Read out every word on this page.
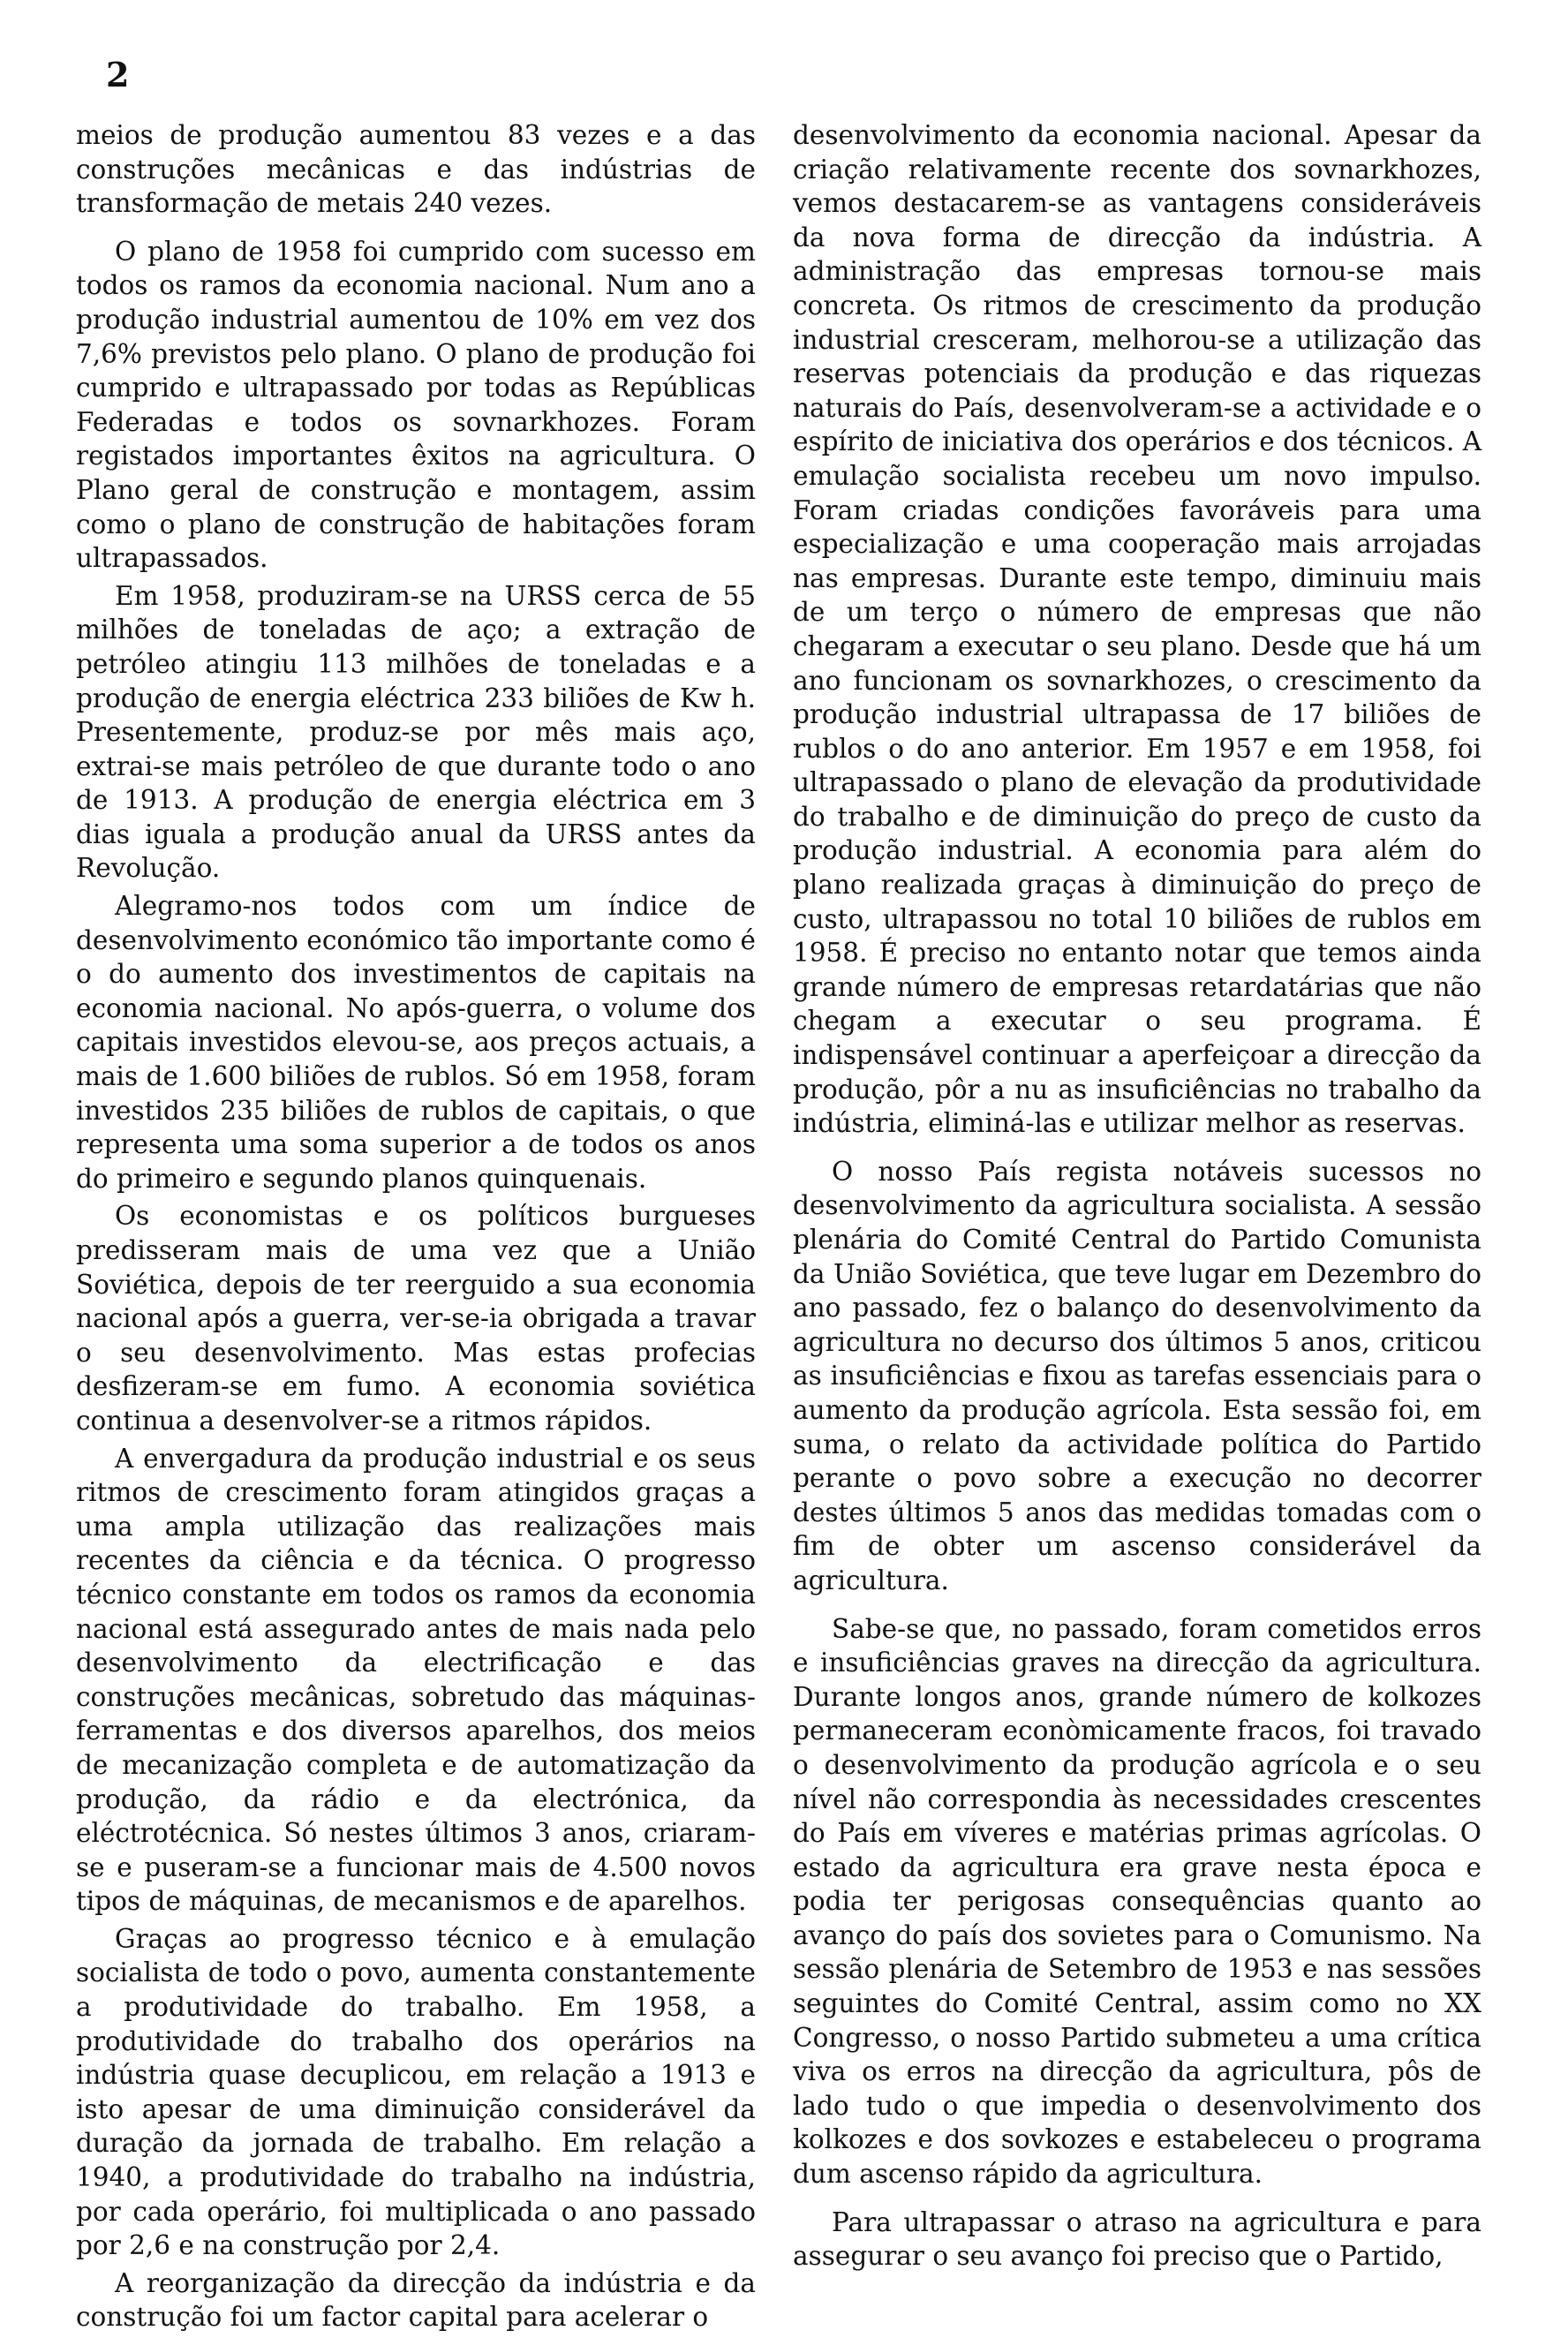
2

meios de produção aumentou 83 vezes e a das construções mecânicas e das indústrias de transformação de metais 240 vezes.

O plano de 1958 foi cumprido com sucesso em todos os ramos da economia nacional. Num ano a produção industrial aumentou de 10% em vez dos 7,6% previstos pelo plano. O plano de produção foi cumprido e ultrapassado por todas as Repúblicas Federadas e todos os sovnarkhozes. Foram registados importantes êxitos na agricultura. O Plano geral de construção e montagem, assim como o plano de construção de habitações foram ultrapassados.

Em 1958, produziram-se na URSS cerca de 55 milhões de toneladas de aço; a extração de petróleo atingiu 113 milhões de toneladas e a produção de energia eléctrica 233 biliões de Kw h. Presentemente, produz-se por mês mais aço, extrai-se mais petróleo de que durante todo o ano de 1913. A produção de energia eléctrica em 3 dias iguala a produção anual da URSS antes da Revolução.

Alegramo-nos todos com um índice de desenvolvimento económico tão importante como é o do aumento dos investimentos de capitais na economia nacional. No após-guerra, o volume dos capitais investidos elevou-se, aos preços actuais, a mais de 1.600 biliões de rublos. Só em 1958, foram investidos 235 biliões de rublos de capitais, o que representa uma soma superior a de todos os anos do primeiro e segundo planos quinquenais.

Os economistas e os políticos burgueses predisseram mais de uma vez que a União Soviética, depois de ter reerguido a sua economia nacional após a guerra, ver-se-ia obrigada a travar o seu desenvolvimento. Mas estas profecias desfizeram-se em fumo. A economia soviética continua a desenvolver-se a ritmos rápidos.

A envergadura da produção industrial e os seus ritmos de crescimento foram atingidos graças a uma ampla utilização das realizações mais recentes da ciência e da técnica. O progresso técnico constante em todos os ramos da economia nacional está assegurado antes de mais nada pelo desenvolvimento da electrificação e das construções mecânicas, sobretudo das máquinas-ferramentas e dos diversos aparelhos, dos meios de mecanização completa e de automatização da produção, da rádio e da electrónica, da eléctrotécnica. Só nestes últimos 3 anos, criaram-se e puseram-se a funcionar mais de 4.500 novos tipos de máquinas, de mecanismos e de aparelhos.

Graças ao progresso técnico e à emulação socialista de todo o povo, aumenta constantemente a produtividade do trabalho. Em 1958, a produtividade do trabalho dos operários na indústria quase decuplicou, em relação a 1913 e isto apesar de uma diminuição considerável da duração da jornada de trabalho. Em relação a 1940, a produtividade do trabalho na indústria, por cada operário, foi multiplicada o ano passado por 2,6 e na construção por 2,4.

A reorganização da direcção da indústria e da construção foi um factor capital para acelerar o

desenvolvimento da economia nacional. Apesar da criação relativamente recente dos sovnarkhozes, vemos destacarem-se as vantagens consideráveis da nova forma de direcção da indústria. A administração das empresas tornou-se mais concreta. Os ritmos de crescimento da produção industrial cresceram, melhorou-se a utilização das reservas potenciais da produção e das riquezas naturais do País, desenvolveram-se a actividade e o espírito de iniciativa dos operários e dos técnicos. A emulação socialista recebeu um novo impulso. Foram criadas condições favoráveis para uma especialização e uma cooperação mais arrojadas nas empresas. Durante este tempo, diminuiu mais de um terço o número de empresas que não chegaram a executar o seu plano. Desde que há um ano funcionam os sovnarkhozes, o crescimento da produção industrial ultrapassa de 17 biliões de rublos o do ano anterior. Em 1957 e em 1958, foi ultrapassado o plano de elevação da produtividade do trabalho e de diminuição do preço de custo da produção industrial. A economia para além do plano realizada graças à diminuição do preço de custo, ultrapassou no total 10 biliões de rublos em 1958. É preciso no entanto notar que temos ainda grande número de empresas retardatárias que não chegam a executar o seu programa. É indispensável continuar a aperfeiçoar a direcção da produção, pôr a nu as insuficiências no trabalho da indústria, eliminá-las e utilizar melhor as reservas.

O nosso País regista notáveis sucessos no desenvolvimento da agricultura socialista. A sessão plenária do Comité Central do Partido Comunista da União Soviética, que teve lugar em Dezembro do ano passado, fez o balanço do desenvolvimento da agricultura no decurso dos últimos 5 anos, criticou as insuficiências e fixou as tarefas essenciais para o aumento da produção agrícola. Esta sessão foi, em suma, o relato da actividade política do Partido perante o povo sobre a execução no decorrer destes últimos 5 anos das medidas tomadas com o fim de obter um ascenso considerável da agricultura.

Sabe-se que, no passado, foram cometidos erros e insuficiências graves na direcção da agricultura. Durante longos anos, grande número de kolkozes permaneceram econòmicamente fracos, foi travado o desenvolvimento da produção agrícola e o seu nível não correspondia às necessidades crescentes do País em víveres e matérias primas agrícolas. O estado da agricultura era grave nesta época e podia ter perigosas consequências quanto ao avanço do país dos sovietes para o Comunismo. Na sessão plenária de Setembro de 1953 e nas sessões seguintes do Comité Central, assim como no XX Congresso, o nosso Partido submeteu a uma crítica viva os erros na direcção da agricultura, pôs de lado tudo o que impedia o desenvolvimento dos kolkozes e dos sovkozes e estabeleceu o programa dum ascenso rápido da agricultura.

Para ultrapassar o atraso na agricultura e para assegurar o seu avanço foi preciso que o Partido,
